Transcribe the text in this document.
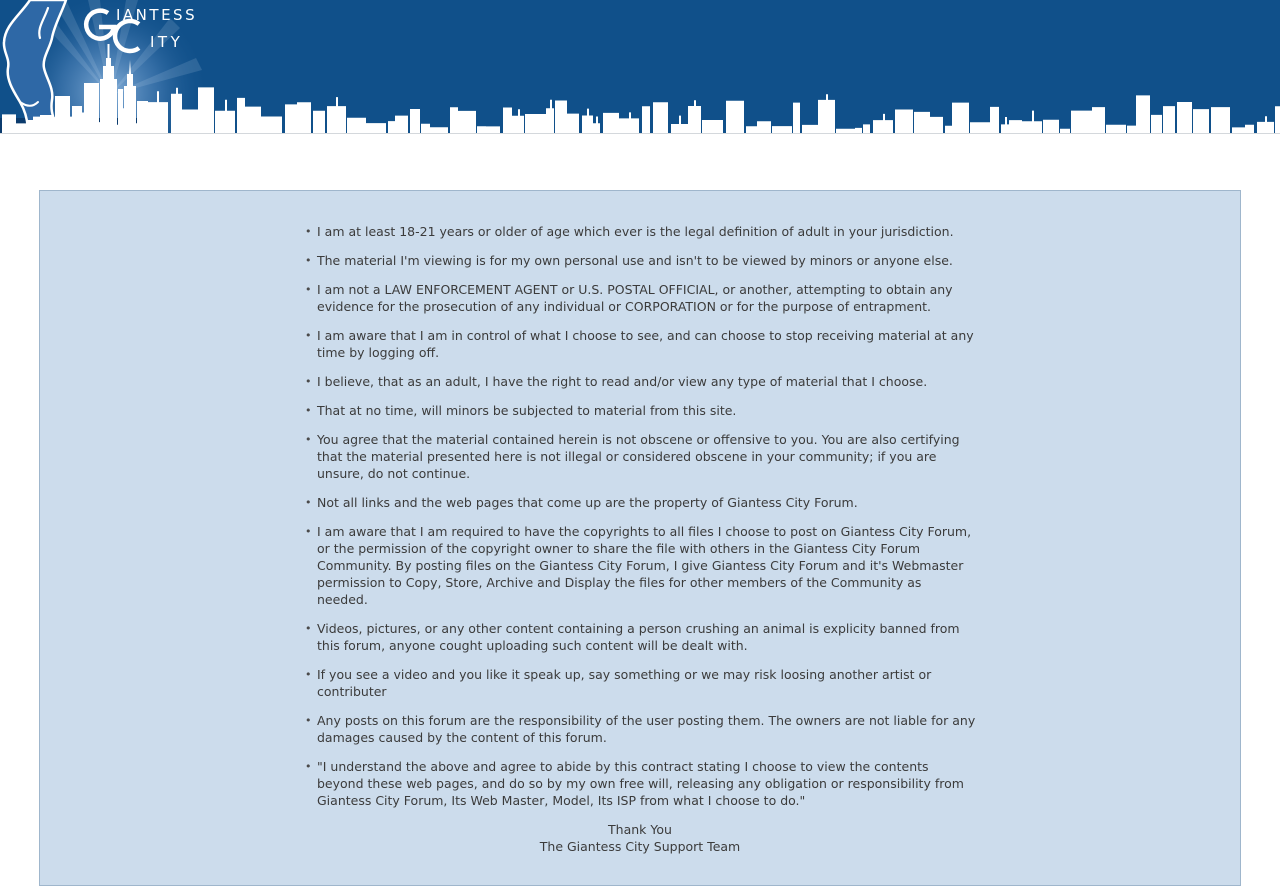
IANTESS
ITY
• I am at least 18-21 years or older of age which ever is the legal definition of adult in your jurisdiction.
• The material I'm viewing is for my own personal use and isn't to be viewed by minors or anyone else.
• I am not a LAW ENFORCEMENT AGENT or U.S. POSTAL OFFICIAL, or another, attempting to obtain any evidence for the prosecution of any individual or CORPORATION or for the purpose of entrapment.
• I am aware that I am in control of what I choose to see, and can choose to stop receiving material at any time by logging off.
• I believe, that as an adult, I have the right to read and/or view any type of material that I choose.
• That at no time, will minors be subjected to material from this site.
• You agree that the material contained herein is not obscene or offensive to you. You are also certifying that the material presented here is not illegal or considered obscene in your community; if you are unsure, do not continue.
• Not all links and the web pages that come up are the property of Giantess City Forum.
• I am aware that I am required to have the copyrights to all files I choose to post on Giantess City Forum, or the permission of the copyright owner to share the file with others in the Giantess City Forum Community. By posting files on the Giantess City Forum, I give Giantess City Forum and it's Webmaster permission to Copy, Store, Archive and Display the files for other members of the Community as needed.
• Videos, pictures, or any other content containing a person crushing an animal is explicity banned from this forum, anyone cought uploading such content will be dealt with.
• If you see a video and you like it speak up, say something or we may risk loosing another artist or contributer
• Any posts on this forum are the responsibility of the user posting them. The owners are not liable for any damages caused by the content of this forum.
• "I understand the above and agree to abide by this contract stating I choose to view the contents beyond these web pages, and do so by my own free will, releasing any obligation or responsibility from Giantess City Forum, Its Web Master, Model, Its ISP from what I choose to do."
Thank You
The Giantess City Support Team
